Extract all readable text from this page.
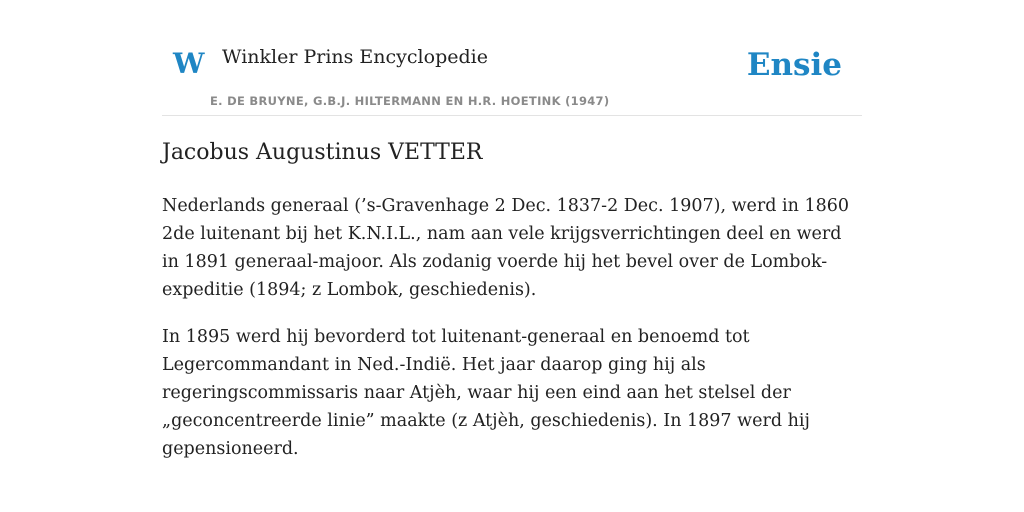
W Winkler Prins Encyclopedie
E. DE BRUYNE, G.B.J. HILTERMANN EN H.R. HOETINK (1947)
Ensie
Jacobus Augustinus VETTER

Nederlands generaal (’s-Gravenhage 2 Dec. 1837-2 Dec. 1907), werd in 1860 2de luitenant bij het K.N.I.L., nam aan vele krijgsverrichtingen deel en werd in 1891 generaal-majoor. Als zodanig voerde hij het bevel over de Lombok-expeditie (1894; z Lombok, geschiedenis).

In 1895 werd hij bevorderd tot luitenant-generaal en benoemd tot Legercommandant in Ned.-Indië. Het jaar daarop ging hij als regeringscommissaris naar Atjèh, waar hij een eind aan het stelsel der „geconcentreerde linie” maakte (z Atjèh, geschiedenis). In 1897 werd hij gepensioneerd.
